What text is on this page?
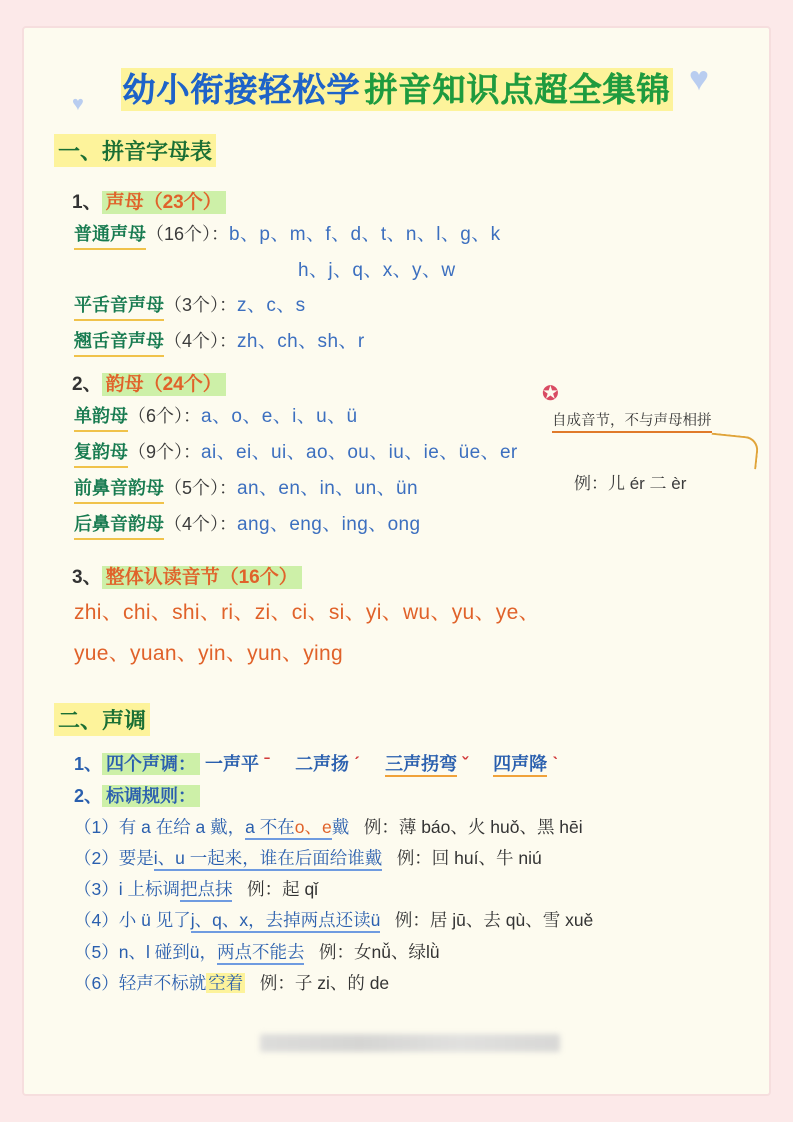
♥
♥
幼小衔接轻松学 拼音知识点超全集锦
一、拼音字母表
1、 声母（23个）
普通声母 （16个）： b、p、m、f、d、t、n、l、g、k
h、j、q、x、y、w
平舌音声母 （3个）： z、c、s
翘舌音声母 （4个）： zh、ch、sh、r
2、 韵母（24个）
单韵母 （6个）： a、o、e、i、u、ü
✪
自成音节，不与声母相拼
复韵母 （9个）： ai、ei、ui、ao、ou、iu、ie、üe、er
前鼻音韵母 （5个）： an、en、in、un、ün	例：儿 ér 二 èr
后鼻音韵母 （4个）： ang、eng、ing、ong
3、 整体认读音节（16个）
zhi、chi、shi、ri、zi、ci、si、yi、wu、yu、ye、
yue、yuan、yin、yun、ying
二、声调
1、 四个声调： 一声平 ˉ 二声扬 ˊ 三声拐弯 ˇ 四声降 ˋ
2、 标调规则：
（1）有 a 在给 a 戴，a 不在o、e戴 例：薄 báo、火 huǒ、黑 hēi
（2）要是i、u 一起来，谁在后面给谁戴 例：回 huí、牛 niú
（3）i 上标调把点抹 例：起 qǐ
（4）小 ü 见了j、q、x，去掉两点还读ü 例：居 jū、去 qù、雪 xuě
（5）n、l 碰到ü，两点不能去 例：女nǚ、绿lǜ
（6）轻声不标就 空着 例：子 zi、的 de
